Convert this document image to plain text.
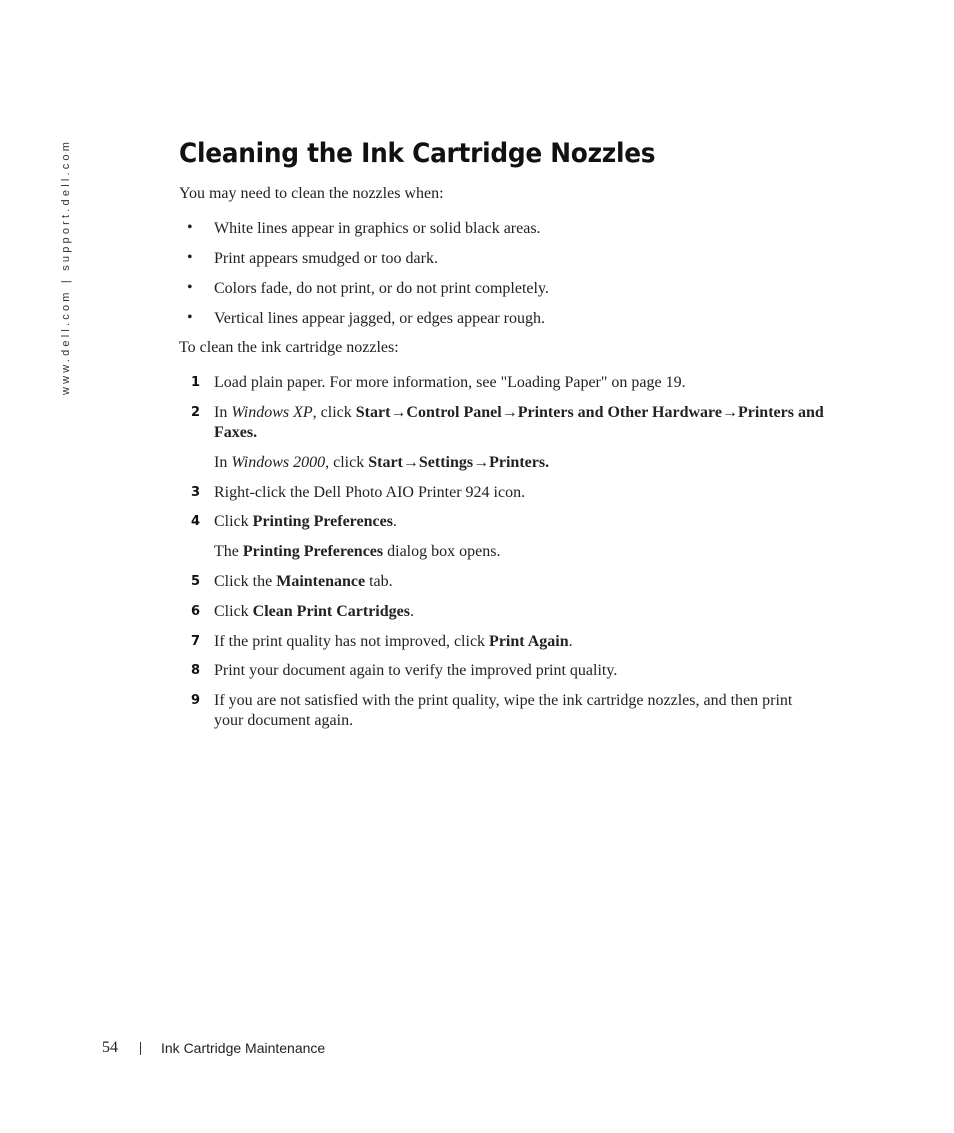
www.dell.com | support.dell.com	Cleaning the Ink Cartridge Nozzles

You may need to clean the nozzles when:

• White lines appear in graphics or solid black areas.

• Print appears smudged or too dark.

• Colors fade, do not print, or do not print completely.

• Vertical lines appear jagged, or edges appear rough.

To clean the ink cartridge nozzles:

1 Load plain paper. For more information, see "Loading Paper" on page 19.

2 In Windows XP, click Start→Control Panel→Printers and Other Hardware→Printers and

Faxes.

In Windows 2000, click Start→Settings→Printers.

3 Right-click the Dell Photo AIO Printer 924 icon.

4 Click Printing Preferences.

The Printing Preferences dialog box opens.

5 Click the Maintenance tab.

6 Click Clean Print Cartridges.

7 If the print quality has not improved, click Print Again.

8 Print your document again to verify the improved print quality.

9 If you are not satisfied with the print quality, wipe the ink cartridge nozzles, and then print

your document again.

54	Ink Cartridge Maintenance
